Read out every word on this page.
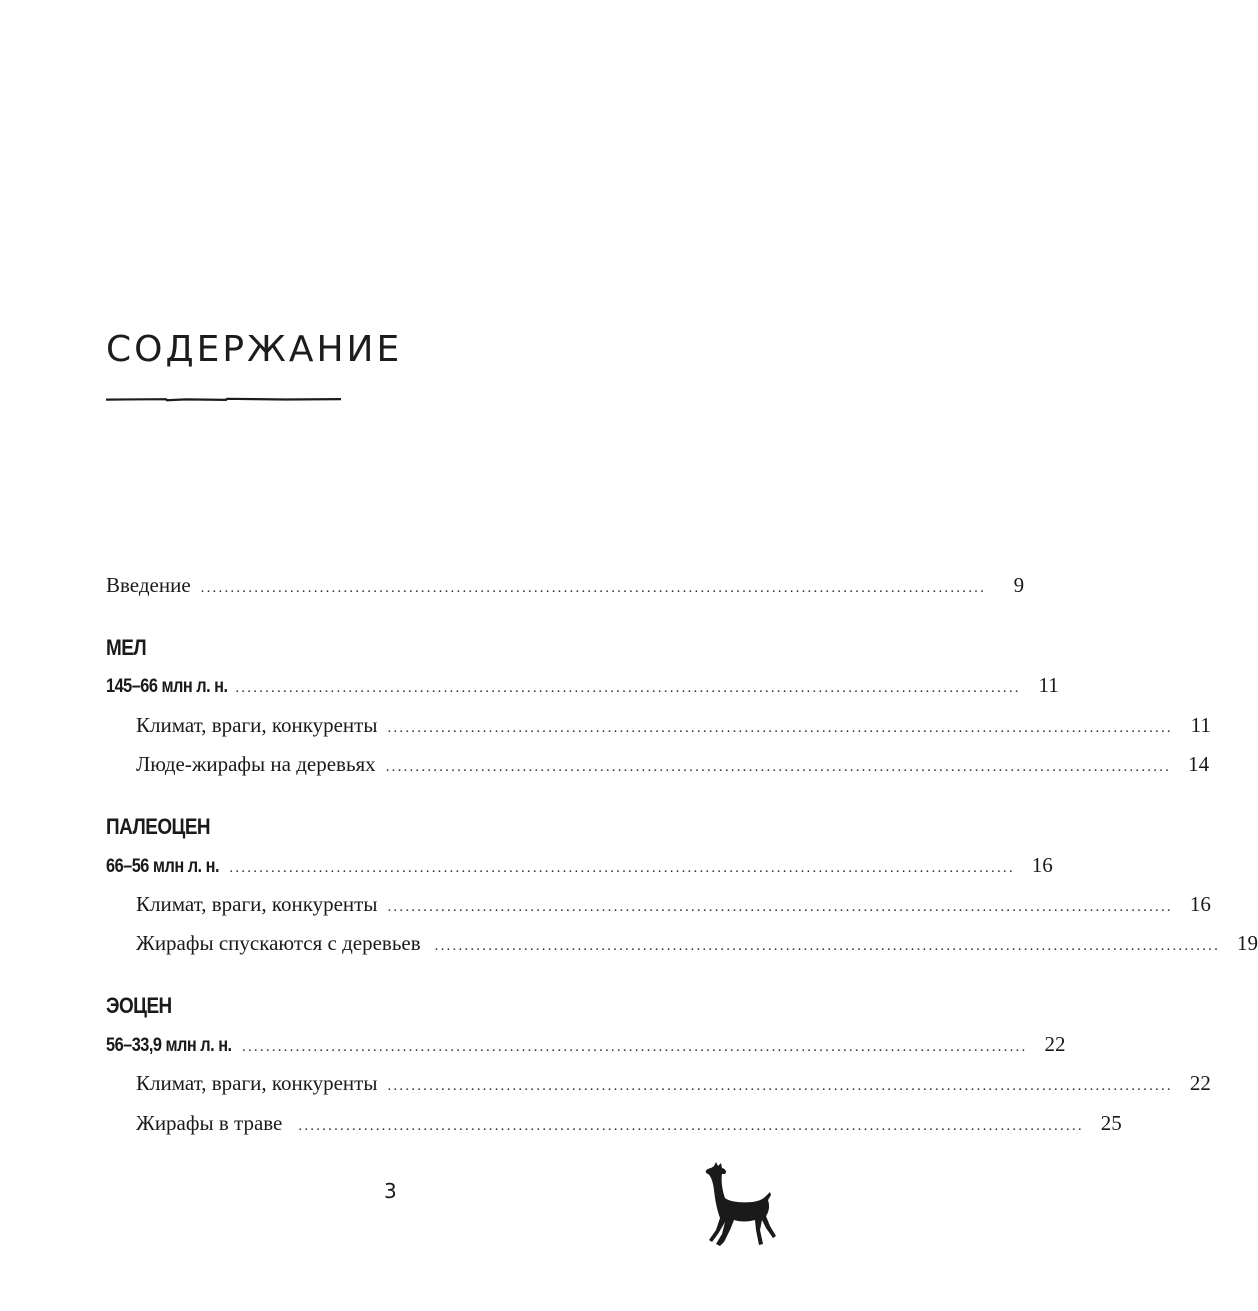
СОДЕРЖАНИЕ
Введение ....................................................................................................................................	9
МЕЛ
145–66 млн л. н. .................................................................................................................................... 11
Климат, враги, конкуренты .................................................................................................................................... 11
Люде-жирафы на деревьях .................................................................................................................................... 14
ПАЛЕОЦЕН
66–56 млн л. н. .................................................................................................................................... 16
Климат, враги, конкуренты .................................................................................................................................... 16
Жирафы спускаются с деревьев .................................................................................................................................... 19
ЭОЦЕН
56–33,9 млн л. н. .................................................................................................................................... 22
Климат, враги, конкуренты .................................................................................................................................... 22
Жирафы в траве .................................................................................................................................... 25
3
